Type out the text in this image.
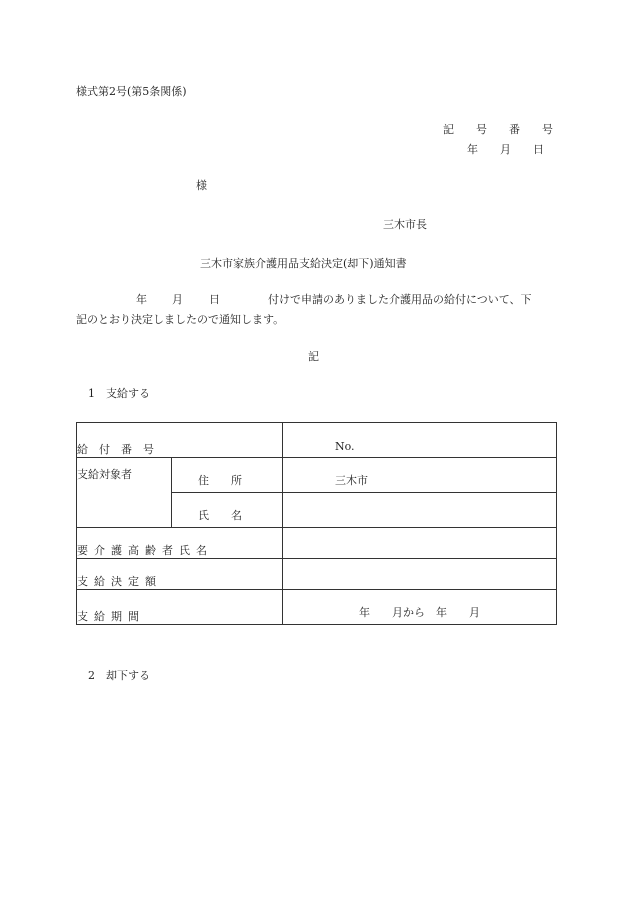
様式第2号(第5条関係)
記　　号　　番　　号
年　　月　　日
様
三木市長
三木市家族介護用品支給決定(却下)通知書
年 月 日	付けで申請のありました介護用品の給付について、下
記のとおり決定しましたので通知します。
記
1　支給する
給　付　番　号		No.
支給対象者	住　　所	三木市
	氏　　名	
要介護高齢者氏名		
支給決定額		
支給期間		年　　月から　年　　月
2　却下する
